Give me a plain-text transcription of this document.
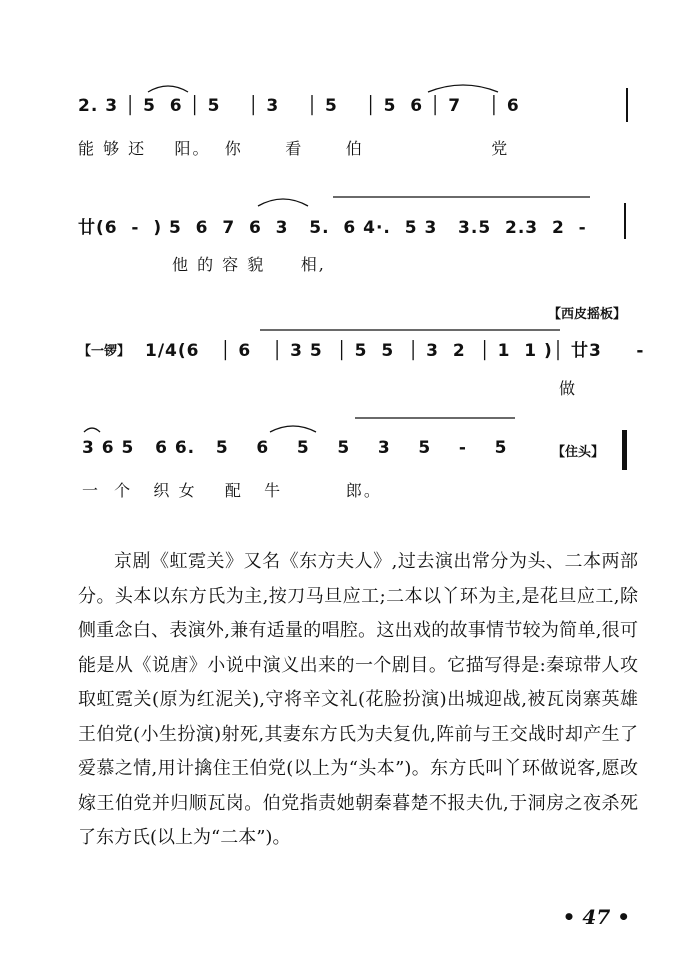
2. 3 │ 5  6 │ 5    │ 3    │ 5    │ 5  6 │ 7    │ 6
能 够 还    阳。  你      看      伯                  党
廿(6  -  ) 5  6  7  6  3   5.  6 4·.  5 3   3.5  2.3  2  -
他 的 容 貌     相,
【西皮摇板】
【一锣】 1/4(6   │ 6   │ 3 5  │ 5  5  │ 3  2  │ 1  1 )│ 廿3     -
做
3 6 5   6 6.   5    6    5    5    3    5    -    5
一  个   织 女    配   牛         郎。
【住头】
京剧《虹霓关》又名《东方夫人》,过去演出常分为头、二本两部分。头本以东方氏为主,按刀马旦应工;二本以丫环为主,是花旦应工,除侧重念白、表演外,兼有适量的唱腔。这出戏的故事情节较为简单,很可能是从《说唐》小说中演义出来的一个剧目。它描写得是:秦琼带人攻取虹霓关(原为红泥关),守将辛文礼(花脸扮演)出城迎战,被瓦岗寨英雄王伯党(小生扮演)射死,其妻东方氏为夫复仇,阵前与王交战时却产生了爱慕之情,用计擒住王伯党(以上为“头本”)。东方氏叫丫环做说客,愿改嫁王伯党并归顺瓦岗。伯党指责她朝秦暮楚不报夫仇,于洞房之夜杀死了东方氏(以上为“二本”)。
• 47 •
